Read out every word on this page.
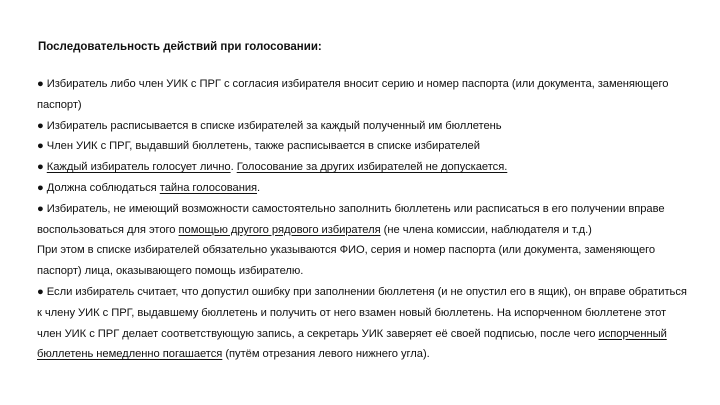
Последовательность действий при голосовании:

● Избиратель либо член УИК с ПРГ с согласия избирателя вносит серию и номер паспорта (или документа, заменяющего паспорт)

● Избиратель расписывается в списке избирателей за каждый полученный им бюллетень

● Член УИК с ПРГ, выдавший бюллетень, также расписывается в списке избирателей

● Каждый избиратель голосует лично. Голосование за других избирателей не допускается.

● Должна соблюдаться тайна голосования.

● Избиратель, не имеющий возможности самостоятельно заполнить бюллетень или расписаться в его получении вправе воспользоваться для этого помощью другого рядового избирателя (не члена комиссии, наблюдателя и т.д.)

При этом в списке избирателей обязательно указываются ФИО, серия и номер паспорта (или документа, заменяющего паспорт) лица, оказывающего помощь избирателю.

● Если избиратель считает, что допустил ошибку при заполнении бюллетеня (и не опустил его в ящик), он вправе обратиться к члену УИК с ПРГ, выдавшему бюллетень и получить от него взамен новый бюллетень. На испорченном бюллетене этот член УИК с ПРГ делает соответствующую запись, а секретарь УИК заверяет её своей подписью, после чего испорченный бюллетень немедленно погашается (путём отрезания левого нижнего угла).
